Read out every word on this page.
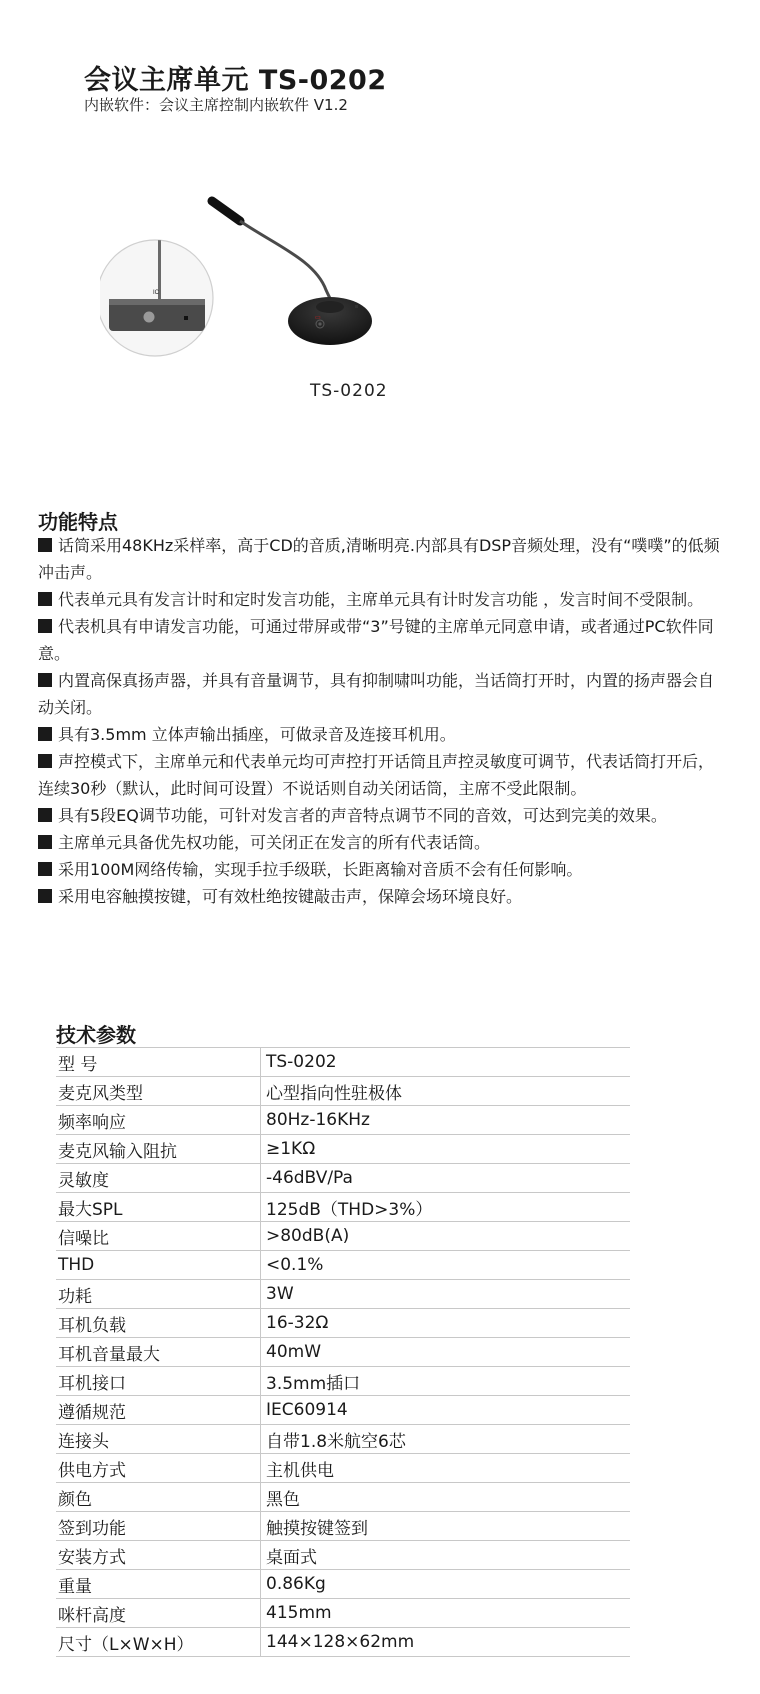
会议主席单元 TS-0202
内嵌软件：会议主席控制内嵌软件 V1.2
IC
▭
TS-0202
功能特点
话筒采用48KHz采样率，高于CD的音质,清晰明亮.内部具有DSP音频处理，没有“噗噗”的低频冲击声。
代表单元具有发言计时和定时发言功能，主席单元具有计时发言功能 ，发言时间不受限制。
代表机具有申请发言功能，可通过带屏或带“3”号键的主席单元同意申请，或者通过PC软件同意。
内置高保真扬声器，并具有音量调节，具有抑制啸叫功能，当话筒打开时，内置的扬声器会自动关闭。
具有3.5mm 立体声输出插座，可做录音及连接耳机用。
声控模式下，主席单元和代表单元均可声控打开话筒且声控灵敏度可调节，代表话筒打开后，连续30秒（默认，此时间可设置）不说话则自动关闭话筒，主席不受此限制。
具有5段EQ调节功能，可针对发言者的声音特点调节不同的音效，可达到完美的效果。
主席单元具备优先权功能，可关闭正在发言的所有代表话筒。
采用100M网络传输，实现手拉手级联，长距离输对音质不会有任何影响。
采用电容触摸按键，可有效杜绝按键敲击声，保障会场环境良好。
技术参数
型 号	TS-0202
麦克风类型	心型指向性驻极体
频率响应	80Hz-16KHz
麦克风输入阻抗	≥1KΩ
灵敏度	-46dBV/Pa
最大SPL	125dB（THD>3%）
信噪比	>80dB(A)
THD	<0.1%
功耗	3W
耳机负载	16-32Ω
耳机音量最大	40mW
耳机接口	3.5mm插口
遵循规范	IEC60914
连接头	自带1.8米航空6芯
供电方式	主机供电
颜色	黑色
签到功能	触摸按键签到
安装方式	桌面式
重量	0.86Kg
咪杆高度	415mm
尺寸（L×W×H）	144×128×62mm
